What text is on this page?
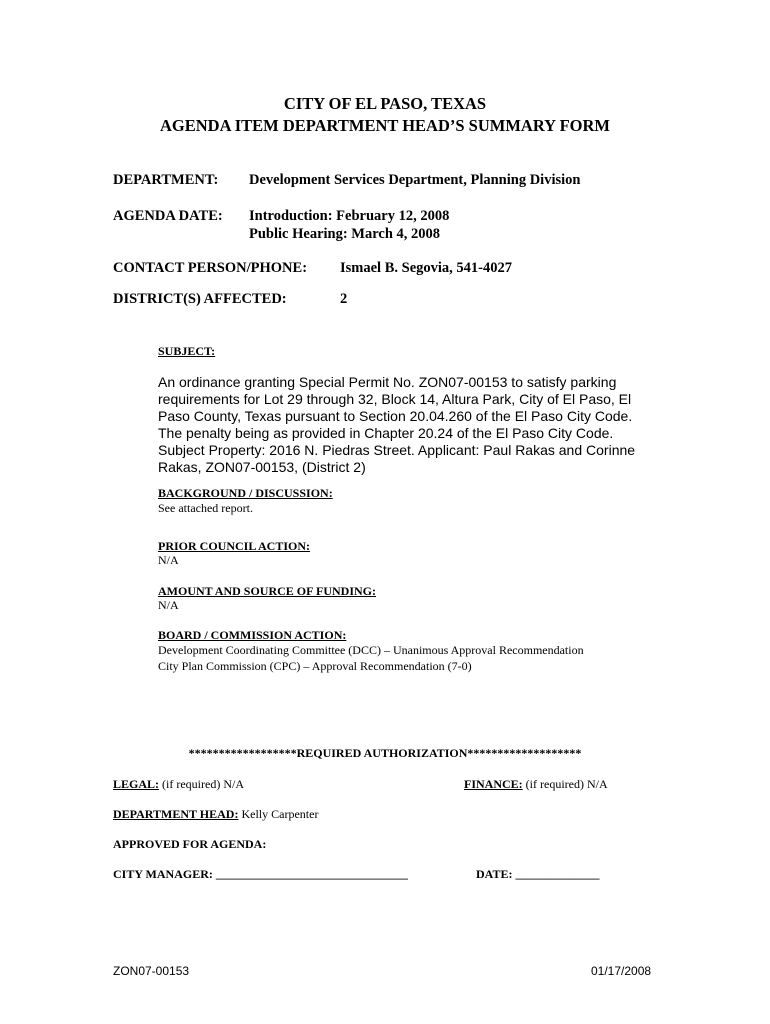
CITY OF EL PASO, TEXAS
AGENDA ITEM DEPARTMENT HEAD’S SUMMARY FORM
DEPARTMENT: Development Services Department, Planning Division
AGENDA DATE: Introduction: February 12, 2008
Public Hearing: March 4, 2008
CONTACT PERSON/PHONE: Ismael B. Segovia, 541-4027
DISTRICT(S) AFFECTED:	2
SUBJECT:
An ordinance granting Special Permit No. ZON07-00153 to satisfy parking
requirements for Lot 29 through 32, Block 14, Altura Park, City of El Paso, El
Paso County, Texas pursuant to Section 20.04.260 of the El Paso City Code.
The penalty being as provided in Chapter 20.24 of the El Paso City Code.
Subject Property: 2016 N. Piedras Street. Applicant: Paul Rakas and Corinne
Rakas, ZON07-00153, (District 2)
BACKGROUND / DISCUSSION:
See attached report.
PRIOR COUNCIL ACTION:
N/A
AMOUNT AND SOURCE OF FUNDING:
N/A
BOARD / COMMISSION ACTION:
Development Coordinating Committee (DCC) – Unanimous Approval Recommendation
City Plan Commission (CPC) – Approval Recommendation (7-0)
******************REQUIRED AUTHORIZATION*******************
LEGAL: (if required) N/A	FINANCE: (if required) N/A
DEPARTMENT HEAD: Kelly Carpenter
APPROVED FOR AGENDA:
CITY MANAGER: ________________________________	DATE: ______________
ZON07-00153	01/17/2008
